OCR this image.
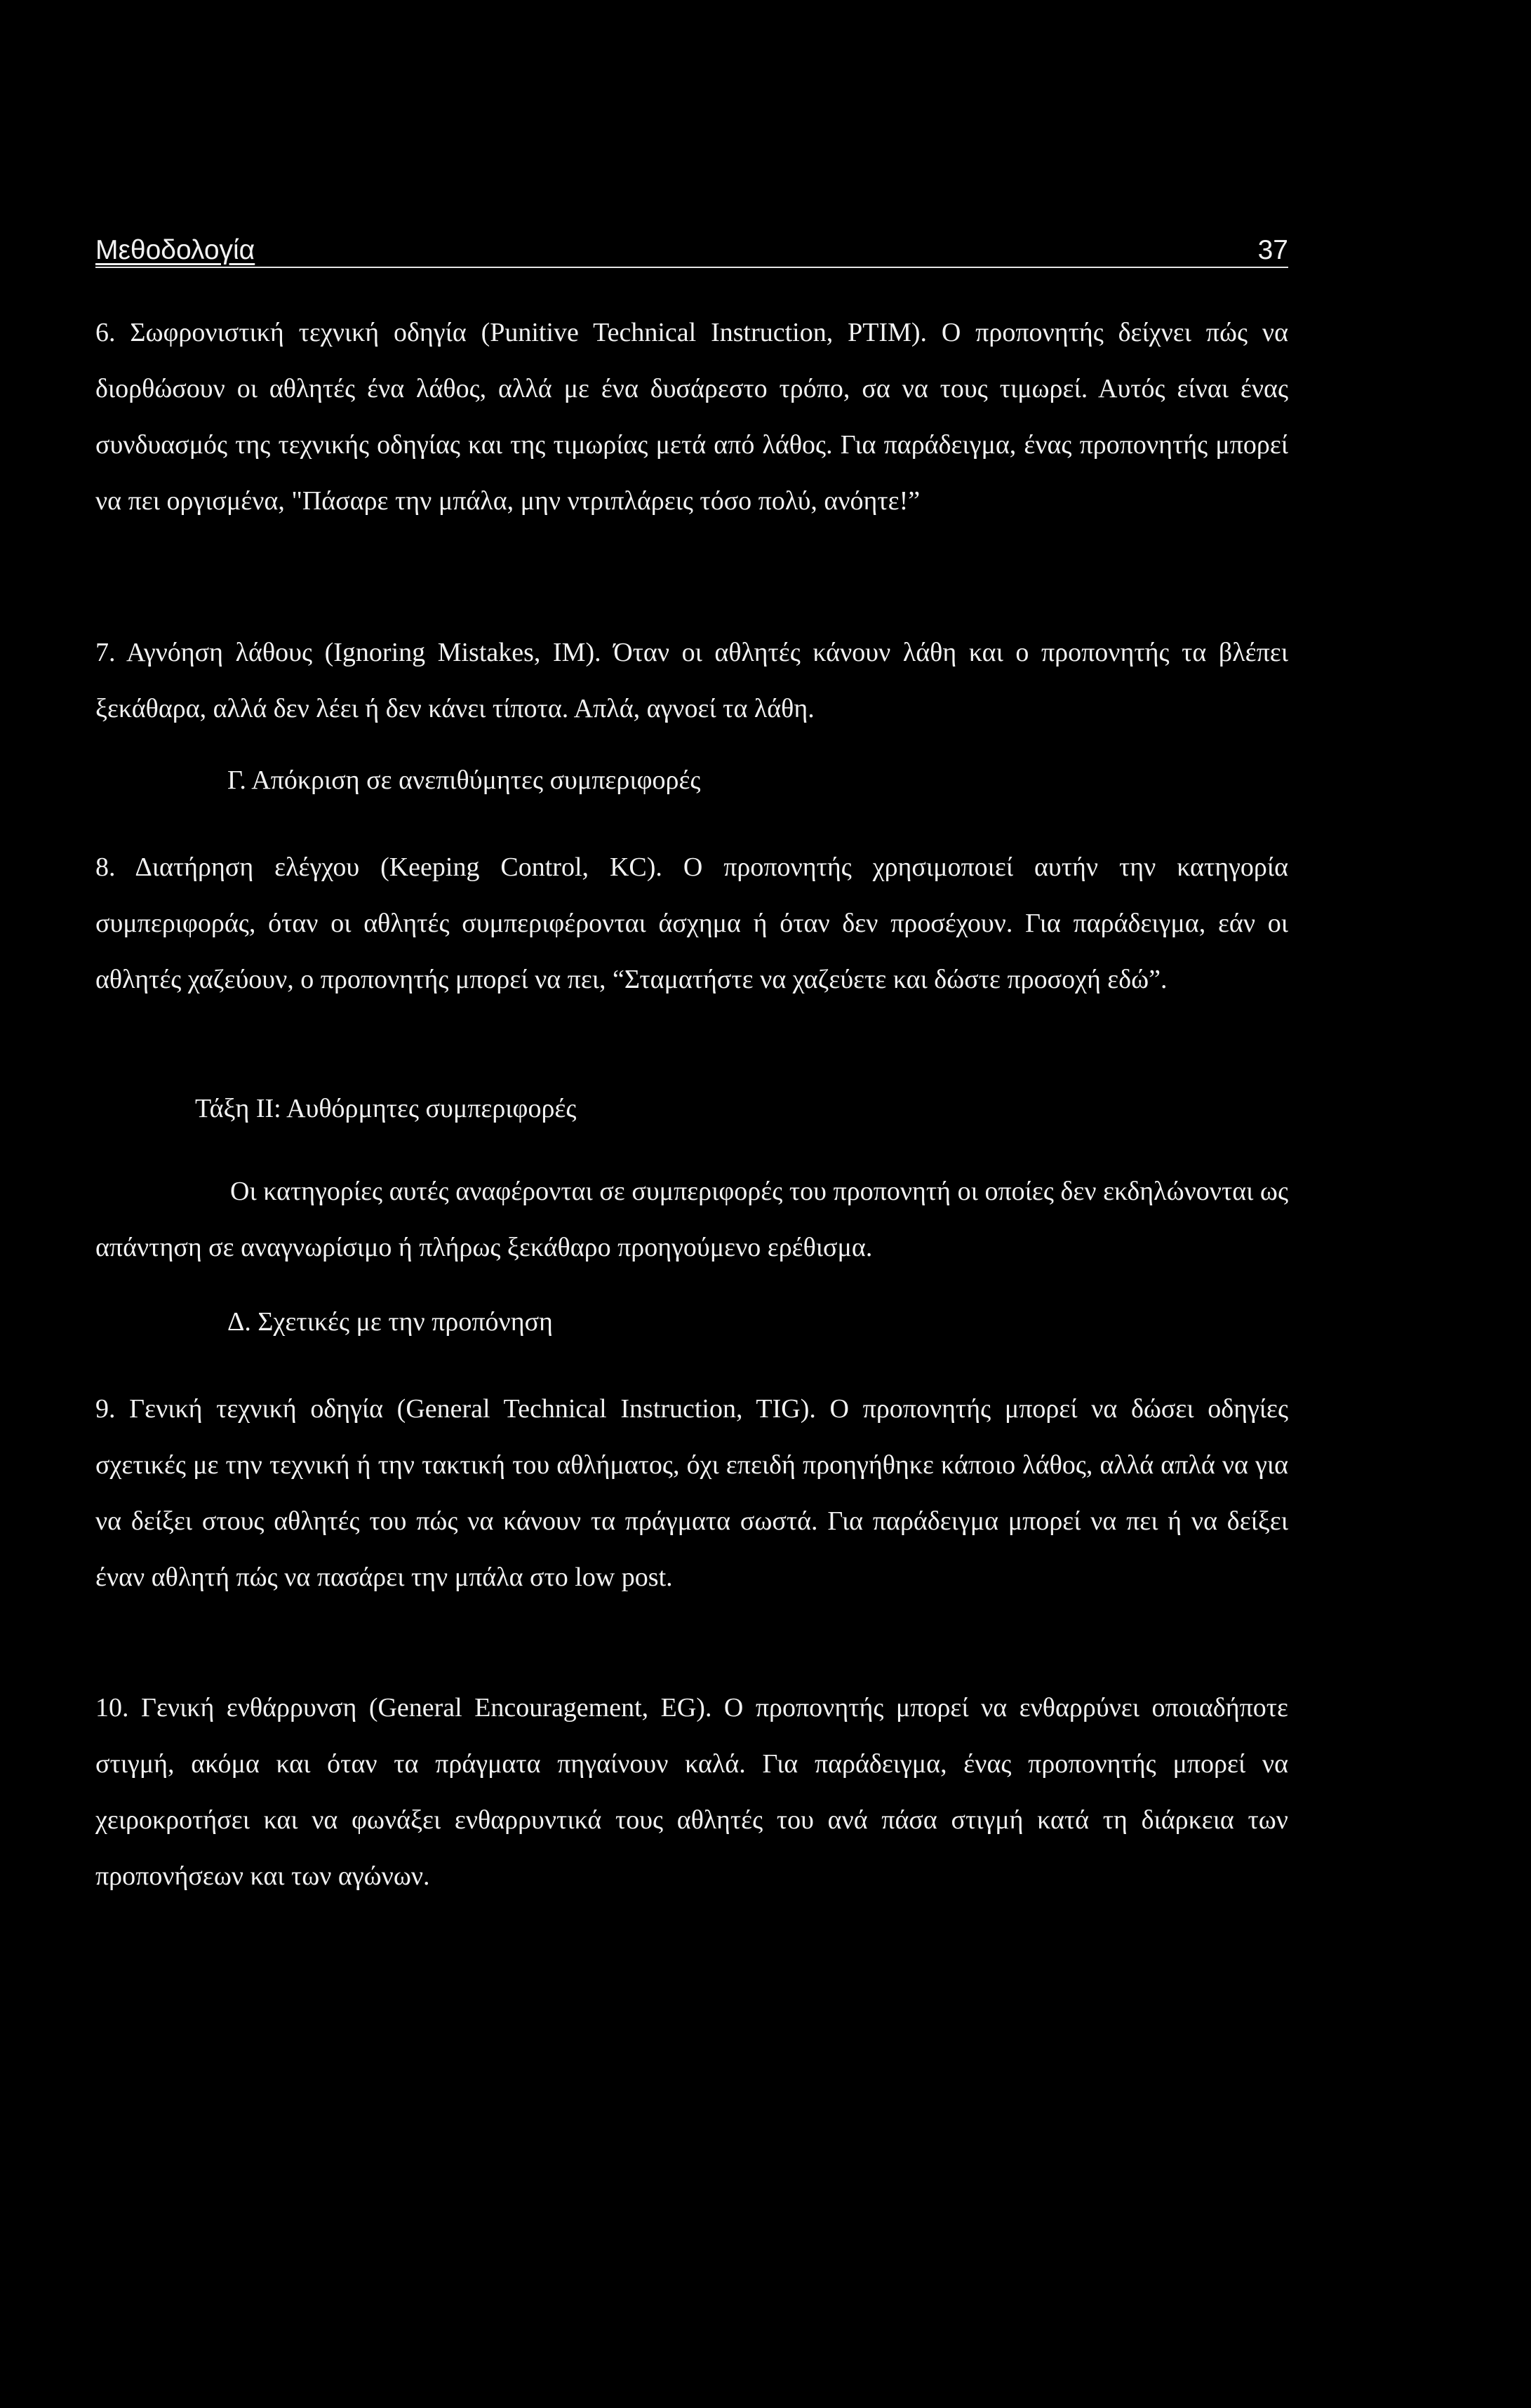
Μεθοδολογία	37

6. Σωφρονιστική τεχνική οδηγία (Punitive Technical Instruction, PTIM). Ο προπονητής δείχνει πώς να διορθώσουν οι αθλητές ένα λάθος, αλλά με ένα δυσάρεστο τρόπο, σα να τους τιμωρεί. Αυτός είναι ένας συνδυασμός της τεχνικής οδηγίας και της τιμωρίας μετά από λάθος. Για παράδειγμα, ένας προπονητής μπορεί να πει οργισμένα, "Πάσαρε την μπάλα, μην ντριπλάρεις τόσο πολύ, ανόητε!”

7. Αγνόηση λάθους (Ignoring Mistakes, IM). Όταν οι αθλητές κάνουν λάθη και ο προπονητής τα βλέπει ξεκάθαρα, αλλά δεν λέει ή δεν κάνει τίποτα. Απλά, αγνοεί τα λάθη.

Γ. Απόκριση σε ανεπιθύμητες συμπεριφορές

8. Διατήρηση ελέγχου (Keeping Control, KC). Ο προπονητής χρησιμοποιεί αυτήν την κατηγορία συμπεριφοράς, όταν οι αθλητές συμπεριφέρονται άσχημα ή όταν δεν προσέχουν. Για παράδειγμα, εάν οι αθλητές χαζεύουν, ο προπονητής μπορεί να πει, “Σταματήστε να χαζεύετε και δώστε προσοχή εδώ”.

Τάξη ΙΙ: Αυθόρμητες συμπεριφορές

Οι κατηγορίες αυτές αναφέρονται σε συμπεριφορές του προπονητή οι οποίες δεν εκδηλώνονται ως απάντηση σε αναγνωρίσιμο ή πλήρως ξεκάθαρο προηγούμενο ερέθισμα.

Δ. Σχετικές με την προπόνηση

9. Γενική τεχνική οδηγία (General Technical Instruction, TIG). Ο προπονητής μπορεί να δώσει οδηγίες σχετικές με την τεχνική ή την τακτική του αθλήματος, όχι επειδή προηγήθηκε κάποιο λάθος, αλλά απλά να για να δείξει στους αθλητές του πώς να κάνουν τα πράγματα σωστά. Για παράδειγμα μπορεί να πει ή να δείξει έναν αθλητή πώς να πασάρει την μπάλα στο low post.

10. Γενική ενθάρρυνση (General Encouragement, EG). Ο προπονητής μπορεί να ενθαρρύνει οποιαδήποτε στιγμή, ακόμα και όταν τα πράγματα πηγαίνουν καλά. Για παράδειγμα, ένας προπονητής μπορεί να χειροκροτήσει και να φωνάξει ενθαρρυντικά τους αθλητές του ανά πάσα στιγμή κατά τη διάρκεια των προπονήσεων και των αγώνων.
